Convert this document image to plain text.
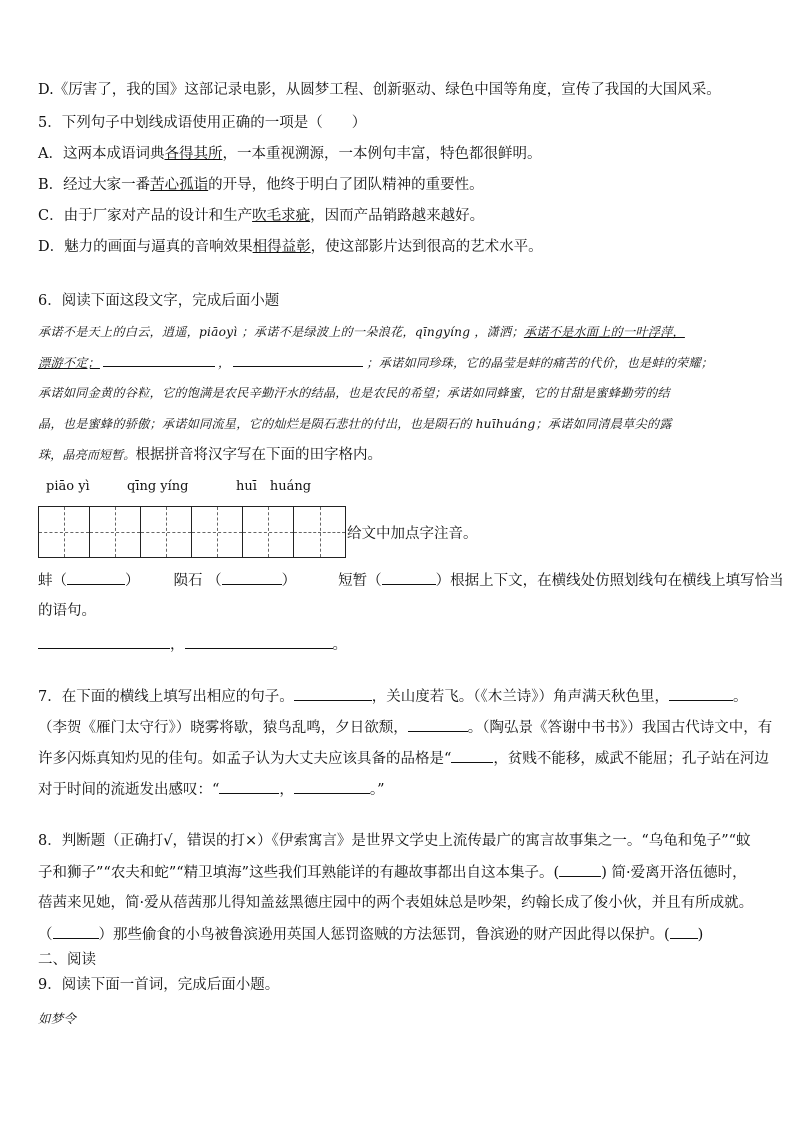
D.《厉害了，我的国》这部记录电影，从圆梦工程、创新驱动、绿色中国等角度，宣传了我国的大国风采。
5．下列句子中划线成语使用正确的一项是（　　）
A．这两本成语词典各得其所，一本重视溯源，一本例句丰富，特色都很鲜明。
B．经过大家一番苦心孤诣的开导，他终于明白了团队精神的重要性。
C．由于厂家对产品的设计和生产吹毛求疵，因而产品销路越来越好。
D．魅力的画面与逼真的音响效果相得益彰，使这部影片达到很高的艺术水平。
6．阅读下面这段文字，完成后面小题
承诺不是天上的白云，逍遥，piāoyì ；承诺不是绿波上的一朵浪花，qīngyíng ，潇洒；承诺不是水面上的一叶浮萍，
漂游不定；	，	；承诺如同珍珠，它的晶莹是蚌的痛苦的代价，也是蚌的荣耀；
承诺如同金黄的谷粒，它的饱满是农民辛勤汗水的结晶，也是农民的希望；承诺如同蜂蜜，它的甘甜是蜜蜂勤劳的结
晶，也是蜜蜂的骄傲；承诺如同流星，它的灿烂是陨石悲壮的付出，也是陨石的 huīhuáng；承诺如同清晨草尖的露
珠，晶亮而短暂。根据拼音将汉字写在下面的田字格内。
piāo yì	qīng yíng	huī　huáng
给文中加点字注音。
蚌（	） 陨石 （	）	短暂（	）根据上下文，在横线处仿照划线句在横线上填写恰当
的语句。
，	。
7．在下面的横线上填写出相应的句子。	，关山度若飞。（《木兰诗》）角声满天秋色里，	。
（李贺《雁门太守行》）晓雾将歇，猿鸟乱鸣，夕日欲颓，	。（陶弘景《答谢中书书》）我国古代诗文中，有
许多闪烁真知灼见的佳句。如孟子认为大丈夫应该具备的品格是“	，贫贱不能移，威武不能屈；孔子站在河边
对于时间的流逝发出感叹：“	，	。”
8．判断题（正确打√，错误的打×）《伊索寓言》是世界文学史上流传最广的寓言故事集之一。“乌龟和兔子”“蚊
子和狮子”“农夫和蛇”“精卫填海”这些我们耳熟能详的有趣故事都出自这本集子。(	) 简·爱离开洛伍德时，
蓓茜来见她，简·爱从蓓茜那儿得知盖兹黑德庄园中的两个表姐妹总是吵架，约翰长成了俊小伙，并且有所成就。
（	）那些偷食的小鸟被鲁滨逊用英国人惩罚盗贼的方法惩罚，鲁滨逊的财产因此得以保护。( )
二、阅读
9．阅读下面一首词，完成后面小题。
如梦令
